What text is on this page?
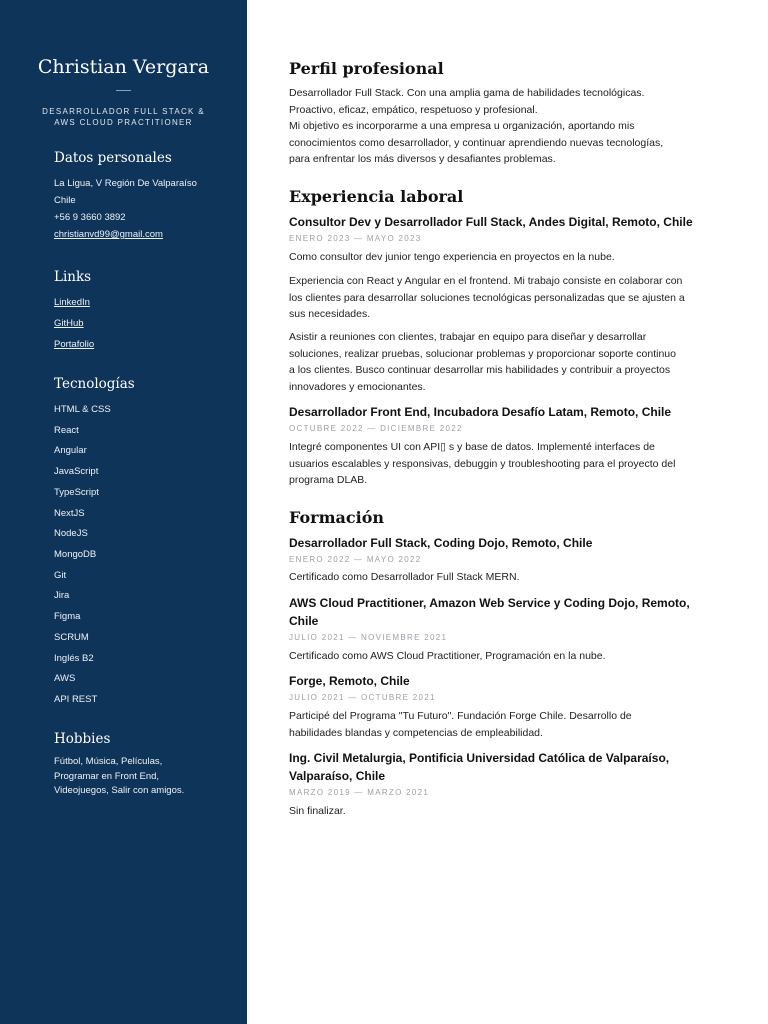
Christian Vergara
DESARROLLADOR FULL STACK &
AWS CLOUD PRACTITIONER
Datos personales
La Ligua, V Región De Valparaíso
Chile
+56 9 3660 3892
christianvd99@gmail.com
Links
LinkedIn
GitHub
Portafolio
Tecnologías
HTML & CSS
React
Angular
JavaScript
TypeScript
NextJS
NodeJS
MongoDB
Git
Jira
Figma
SCRUM
Inglés B2
AWS
API REST
Hobbies
Fútbol, Música, Películas,
Programar en Front End,
Videojuegos, Salir con amigos.
Perfil profesional
Desarrollador Full Stack. Con una amplia gama de habilidades tecnológicas.
Proactivo, eficaz, empático, respetuoso y profesional.
Mi objetivo es incorporarme a una empresa u organización, aportando mis
conocimientos como desarrollador, y continuar aprendiendo nuevas tecnologías,
para enfrentar los más diversos y desafiantes problemas.
Experiencia laboral
Consultor Dev y Desarrollador Full Stack, Andes Digital, Remoto, Chile
ENERO 2023 — MAYO 2023
Como consultor dev junior tengo experiencia en proyectos en la nube.
Experiencia con React y Angular en el frontend. Mi trabajo consiste en colaborar con
los clientes para desarrollar soluciones tecnológicas personalizadas que se ajusten a
sus necesidades.
Asistir a reuniones con clientes, trabajar en equipo para diseñar y desarrollar
soluciones, realizar pruebas, solucionar problemas y proporcionar soporte continuo
a los clientes. Busco continuar desarrollar mis habilidades y contribuir a proyectos
innovadores y emocionantes.
Desarrollador Front End, Incubadora Desafío Latam, Remoto, Chile
OCTUBRE 2022 — DICIEMBRE 2022
Integré componentes UI con API▯ s y base de datos. Implementé interfaces de
usuarios escalables y responsivas, debuggin y troubleshooting para el proyecto del
programa DLAB.
Formación
Desarrollador Full Stack, Coding Dojo, Remoto, Chile
ENERO 2022 — MAYO 2022
Certificado como Desarrollador Full Stack MERN.
AWS Cloud Practitioner, Amazon Web Service y Coding Dojo, Remoto,
Chile
JULIO 2021 — NOVIEMBRE 2021
Certificado como AWS Cloud Practitioner, Programación en la nube.
Forge, Remoto, Chile
JULIO 2021 — OCTUBRE 2021
Participé del Programa "Tu Futuro". Fundación Forge Chile. Desarrollo de
habilidades blandas y competencias de empleabilidad.
Ing. Civil Metalurgia, Pontificia Universidad Católica de Valparaíso,
Valparaíso, Chile
MARZO 2019 — MARZO 2021
Sin finalizar.
